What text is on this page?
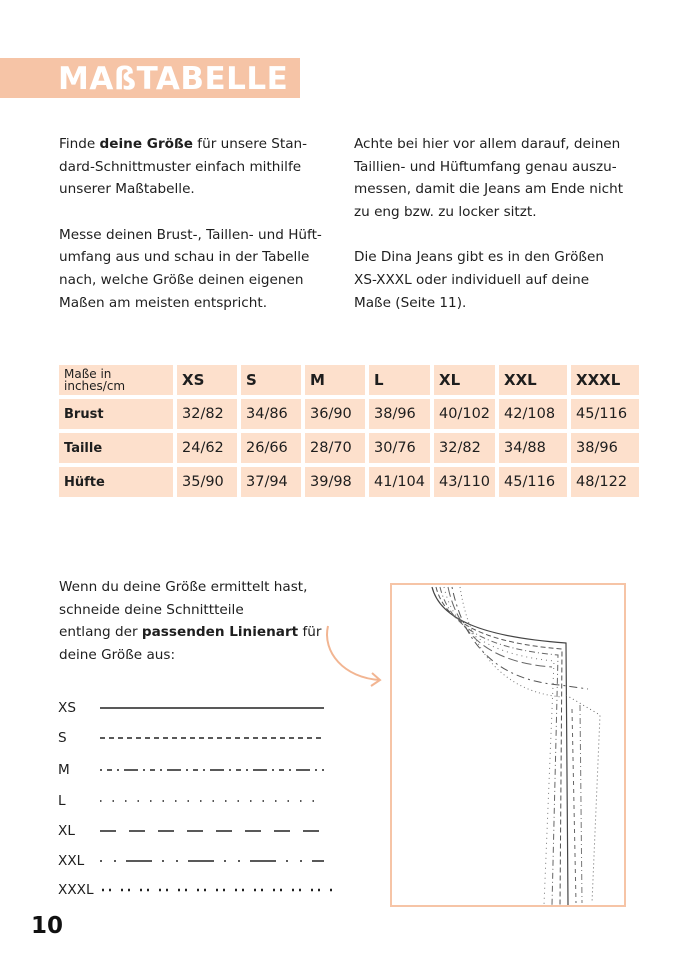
MAßTABELLE

Finde deine Größe für unsere Stan-
dard-Schnittmuster einfach mithilfe
unserer Maßtabelle.

Messe deinen Brust-, Taillen- und Hüft-
umfang aus und schau in der Tabelle
nach, welche Größe deinen eigenen
Maßen am meisten entspricht.

Achte bei hier vor allem darauf, deinen
Taillien- und Hüftumfang genau auszu-
messen, damit die Jeans am Ende nicht
zu eng bzw. zu locker sitzt.

Die Dina Jeans gibt es in den Größen
XS-XXXL oder individuell auf deine
Maße (Seite 11).

Maße in inches/cm	XS	S	M	L	XL	XXL	XXXL
Brust	32/82	34/86	36/90	38/96	40/102	42/108	45/116
Taille	24/62	26/66	28/70	30/76	32/82	34/88	38/96
Hüfte	35/90	37/94	39/98	41/104	43/110	45/116	48/122
Wenn du deine Größe ermittelt hast,
schneide deine Schnittteile
entlang der passenden Linienart für
deine Größe aus:
XS
S
M
L
XL
XXL
XXXL
10
